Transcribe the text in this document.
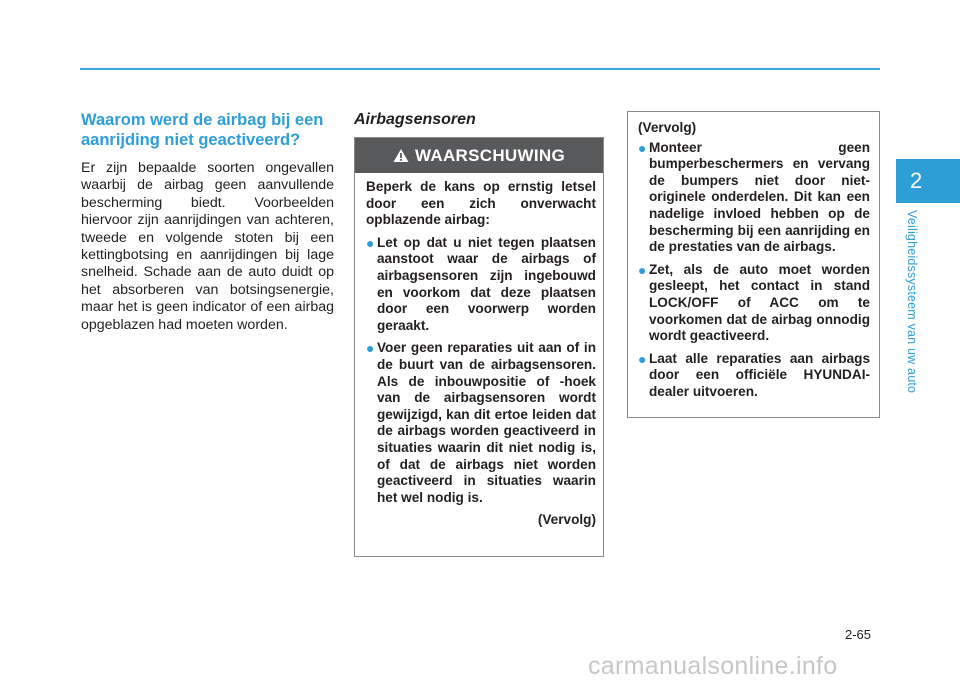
Waarom werd de airbag bij een aanrijding niet geactiveerd?

Er zijn bepaalde soorten ongevallen waarbij de airbag geen aanvullende bescherming biedt. Voorbeelden hiervoor zijn aanrijdingen van achteren, tweede en volgende stoten bij een kettingbotsing en aanrijdingen bij lage snelheid. Schade aan de auto duidt op het absorberen van botsingsenergie, maar het is geen indicator of een airbag opgeblazen had moeten worden.

Airbagsensoren
WAARSCHUWING

Beperk de kans op ernstig letsel door een zich onverwacht opblazende airbag:

● Let op dat u niet tegen plaatsen aanstoot waar de airbags of airbagsensoren zijn ingebouwd en voorkom dat deze plaatsen door een voorwerp worden geraakt.
● Voer geen reparaties uit aan of in de buurt van de airbagsensoren. Als de inbouwpositie of -hoek van de airbagsensoren wordt gewijzigd, kan dit ertoe leiden dat de airbags worden geactiveerd in situaties waarin dit niet nodig is, of dat de airbags niet worden geactiveerd in situaties waarin het wel nodig is.
(Vervolg)

(Vervolg)

● Monteer geen bumperbeschermers en vervang de bumpers niet door niet-originele onderdelen. Dit kan een nadelige invloed hebben op de bescherming bij een aanrijding en de prestaties van de airbags.
● Zet, als de auto moet worden gesleept, het contact in stand LOCK/OFF of ACC om te voorkomen dat de airbag onnodig wordt geactiveerd.
● Laat alle reparaties aan airbags door een officiële HYUNDAI-dealer uitvoeren.
2
Veiligheidssysteem van uw auto
2-65
carmanualsonline.info
